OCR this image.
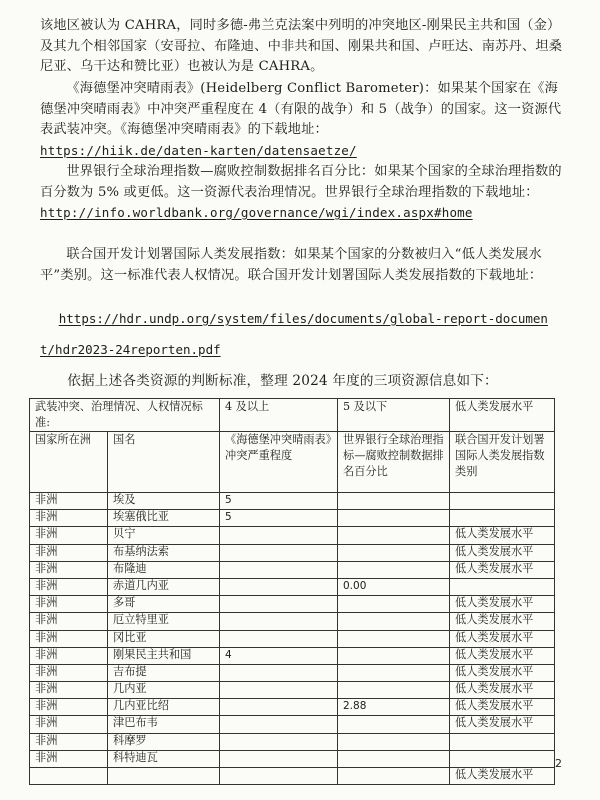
该地区被认为 CAHRA，同时多德-弗兰克法案中列明的冲突地区-刚果民主共和国（金）及其九个相邻国家（安哥拉、布隆迪、中非共和国、刚果共和国、卢旺达、南苏丹、坦桑尼亚、乌干达和赞比亚）也被认为是 CAHRA。
《海德堡冲突晴雨表》(Heidelberg Conflict Barometer)：如果某个国家在《海德堡冲突晴雨表》中冲突严重程度在 4（有限的战争）和 5（战争）的国家。这一资源代表武装冲突。《海德堡冲突晴雨表》的下载地址：
https://hiik.de/daten-karten/datensaetze/
世界银行全球治理指数—腐败控制数据排名百分比：如果某个国家的全球治理指数的百分数为 5% 或更低。这一资源代表治理情况。世界银行全球治理指数的下载地址：
http://info.worldbank.org/governance/wgi/index.aspx#home
联合国开发计划署国际人类发展指数：如果某个国家的分数被归入“低人类发展水平”类别。这一标准代表人权情况。联合国开发计划署国际人类发展指数的下载地址：
https://hdr.undp.org/system/files/documents/global-report-documen
t/hdr2023-24reporten.pdf
依据上述各类资源的判断标准，整理 2024 年度的三项资源信息如下：
武装冲突、治理情况、人权情况标准:		4 及以上	5 及以下	低人类发展水平
国家所在洲	国名	《海德堡冲突晴雨表》冲突严重程度	世界银行全球治理指标—腐败控制数据排名百分比	联合国开发计划署国际人类发展指数类别
非洲	埃及	5		
非洲	埃塞俄比亚	5		
非洲	贝宁			低人类发展水平
非洲	布基纳法索			低人类发展水平
非洲	布隆迪			低人类发展水平
非洲	赤道几内亚		0.00	
非洲	多哥			低人类发展水平
非洲	厄立特里亚			低人类发展水平
非洲	冈比亚			低人类发展水平
非洲	刚果民主共和国	4		低人类发展水平
非洲	吉布提			低人类发展水平
非洲	几内亚			低人类发展水平
非洲	几内亚比绍		2.88	低人类发展水平
非洲	津巴布韦			低人类发展水平
非洲	科摩罗			
非洲	科特迪瓦			
				低人类发展水平
2
